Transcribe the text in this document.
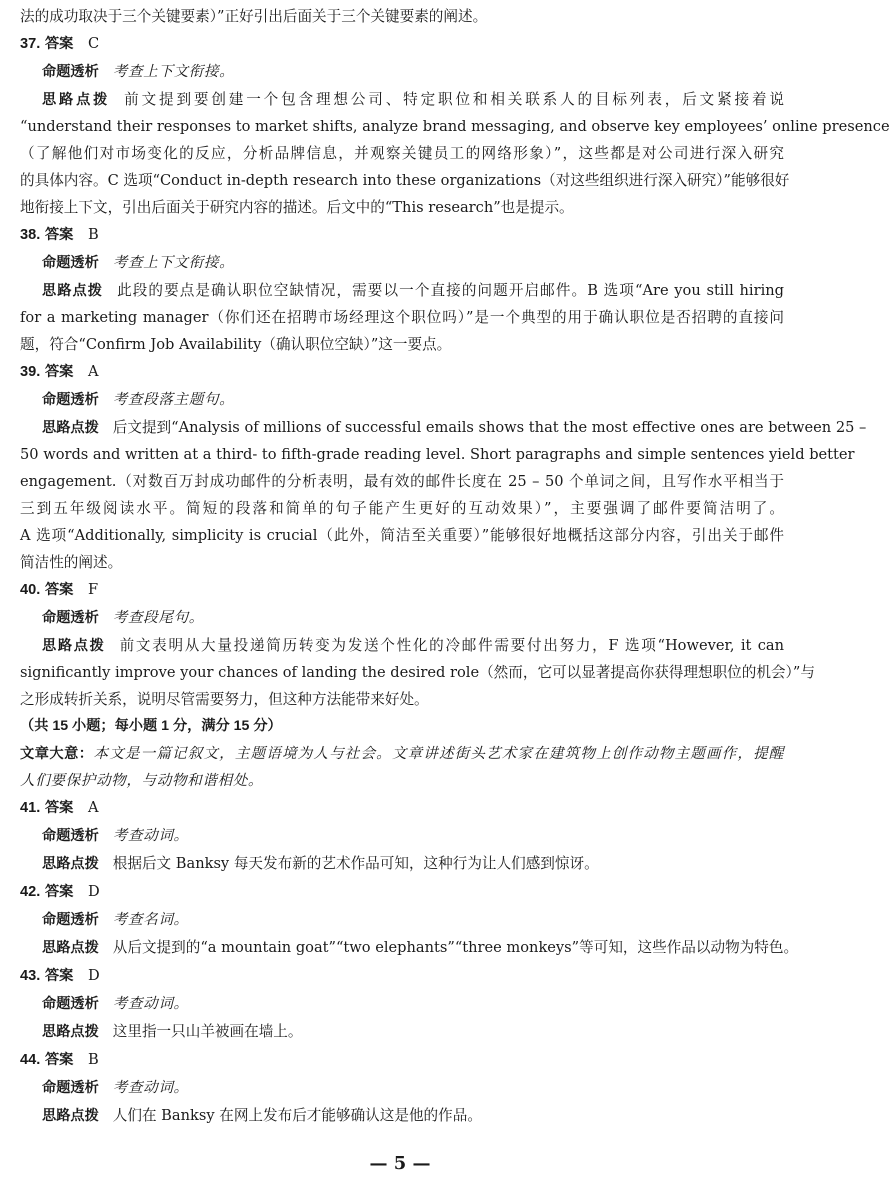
法的成功取决于三个关键要素）”正好引出后面关于三个关键要素的阐述。
37. 答案 C
命题透析 考查上下文衔接。
思路点拨 前文提到要创建一个包含理想公司、特定职位和相关联系人的目标列表，后文紧接着说
“understand their responses to market shifts, analyze brand messaging, and observe key employees’ online presence
（了解他们对市场变化的反应，分析品牌信息，并观察关键员工的网络形象）”，这些都是对公司进行深入研究
的具体内容。C 选项“Conduct in-depth research into these organizations（对这些组织进行深入研究）”能够很好
地衔接上下文，引出后面关于研究内容的描述。后文中的“This research”也是提示。
38. 答案 B
命题透析 考查上下文衔接。
思路点拨 此段的要点是确认职位空缺情况，需要以一个直接的问题开启邮件。B 选项“Are you still hiring
for a marketing manager（你们还在招聘市场经理这个职位吗）”是一个典型的用于确认职位是否招聘的直接问
题，符合“Confirm Job Availability（确认职位空缺）”这一要点。
39. 答案 A
命题透析 考查段落主题句。
思路点拨 后文提到“Analysis of millions of successful emails shows that the most effective ones are between 25 –
50 words and written at a third- to fifth-grade reading level. Short paragraphs and simple sentences yield better
engagement.（对数百万封成功邮件的分析表明，最有效的邮件长度在 25 – 50 个单词之间，且写作水平相当于
三到五年级阅读水平。简短的段落和简单的句子能产生更好的互动效果）”，主要强调了邮件要简洁明了。
A 选项“Additionally, simplicity is crucial（此外，简洁至关重要）”能够很好地概括这部分内容，引出关于邮件
简洁性的阐述。
40. 答案 F
命题透析 考查段尾句。
思路点拨 前文表明从大量投递简历转变为发送个性化的冷邮件需要付出努力，F 选项“However, it can
significantly improve your chances of landing the desired role（然而，它可以显著提高你获得理想职位的机会）”与
之形成转折关系，说明尽管需要努力，但这种方法能带来好处。
（共 15 小题；每小题 1 分，满分 15 分）
文章大意：本文是一篇记叙文，主题语境为人与社会。文章讲述街头艺术家在建筑物上创作动物主题画作，提醒
人们要保护动物，与动物和谐相处。
41. 答案 A
命题透析 考查动词。
思路点拨 根据后文 Banksy 每天发布新的艺术作品可知，这种行为让人们感到惊讶。
42. 答案 D
命题透析 考查名词。
思路点拨 从后文提到的“a mountain goat”“two elephants”“three monkeys”等可知，这些作品以动物为特色。
43. 答案 D
命题透析 考查动词。
思路点拨 这里指一只山羊被画在墙上。
44. 答案 B
命题透析 考查动词。
思路点拨 人们在 Banksy 在网上发布后才能够确认这是他的作品。
— 5 —
